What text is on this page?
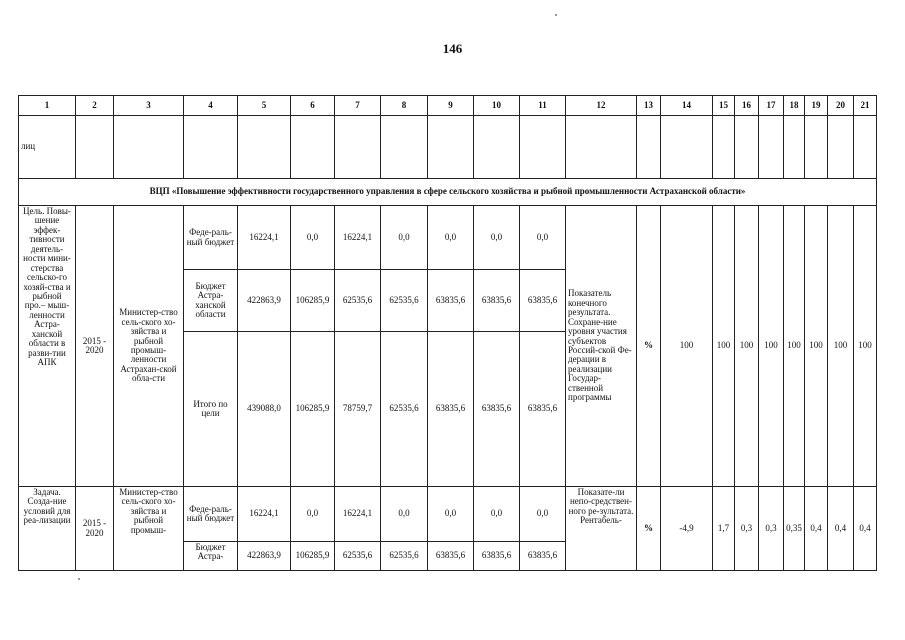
146
1	2	3	4	5	6	7	8	9	10	11	12	13	14	15	16	17	18	19	20	21
лиц																				
ВЦП «Повышение эффективности государственного управления в сфере сельского хозяйства и рыбной промышленности Астраханской области»																				
Цель. Повы-шение эффек-тивности деятель-ности мини-стерства сельско-го хозяй-ства и рыбной про.– мыш-ленности Астра-ханской области в разви-тии АПК	2015 - 2020	Министер-ство сель-ского хо-зяйства и рыбной промыш-ленности Астрахан-ской обла-сти	Феде-раль-ный бюджет	16224,1	0,0	16224,1	0,0	0,0	0,0	0,0	Показатель конечного результата. Сохране-ние уровня участия субъектов Россий-ской Фе-дерации в реализации Государ-ственной программы	%	100	100	100	100	100	100	100	100
			Бюджет Астра-ханской области	422863,9	106285,9	62535,6	62535,6	63835,6	63835,6	63835,6										
			Итого по цели	439088,0	106285,9	78759,7	62535,6	63835,6	63835,6	63835,6										
Задача. Созда-ние условий для реа-лизации	2015 - 2020	Министер-ство сель-ского хо-зяйства и рыбной промыш-	Феде-раль-ный бюджет	16224,1	0,0	16224,1	0,0	0,0	0,0	0,0	Показате-ли непо-средствен-ного ре-зультата. Рентабель-	%	-4,9	1,7	0,3	0,3	0,35	0,4	0,4	0,4
			Бюджет Астра-	422863,9	106285,9	62535,6	62535,6	63835,6	63835,6	63835,6										
